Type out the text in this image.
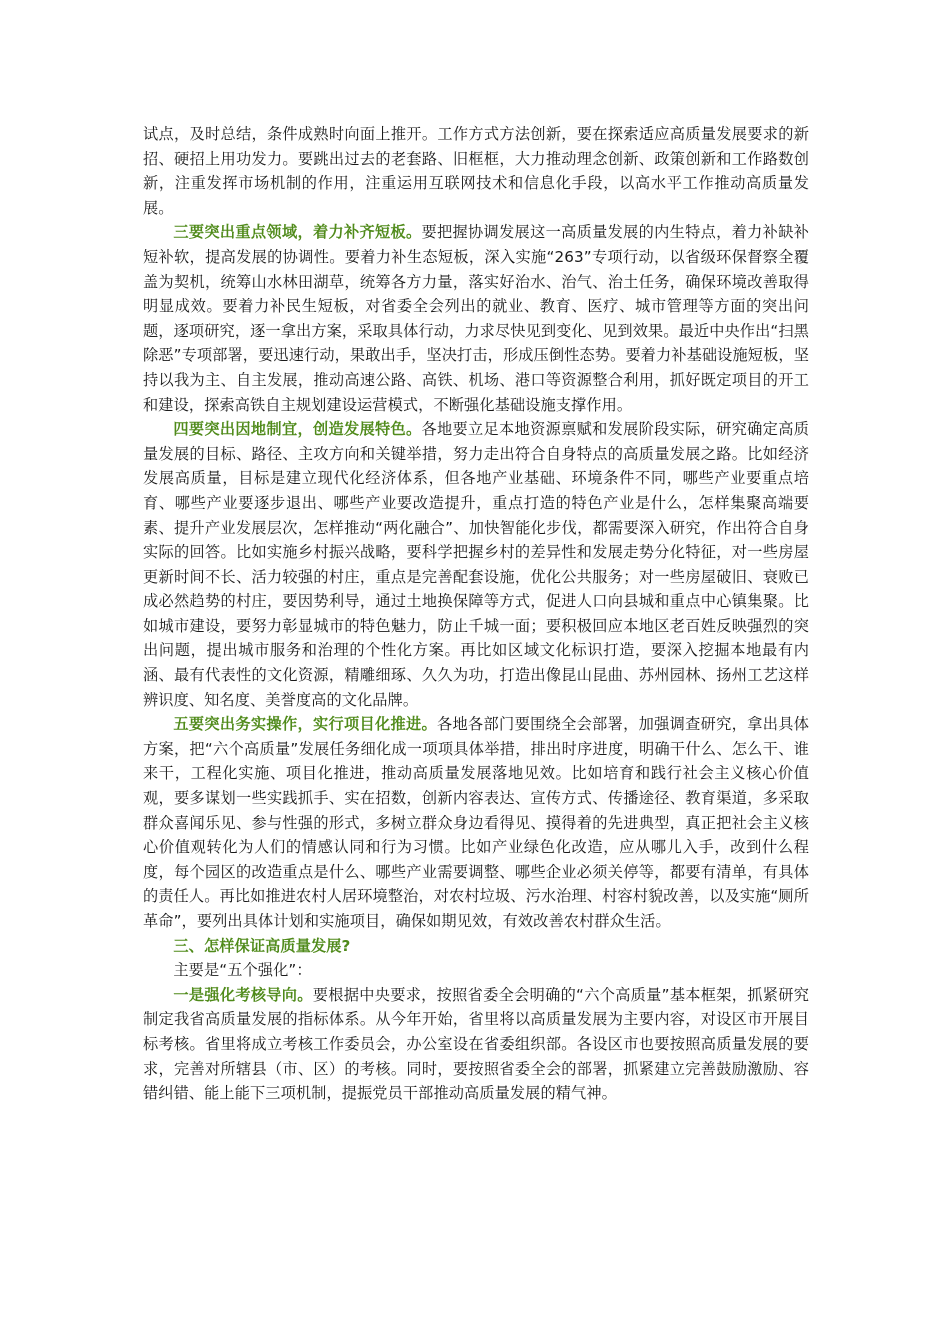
试点，及时总结，条件成熟时向面上推开。工作方式方法创新，要在探索适应高质量发展要求的新招、硬招上用功发力。要跳出过去的老套路、旧框框，大力推动理念创新、政策创新和工作路数创新，注重发挥市场机制的作用，注重运用互联网技术和信息化手段，以高水平工作推动高质量发展。

三要突出重点领域，着力补齐短板。要把握协调发展这一高质量发展的内生特点，着力补缺补短补软，提高发展的协调性。要着力补生态短板，深入实施“263”专项行动，以省级环保督察全覆盖为契机，统筹山水林田湖草，统筹各方力量，落实好治水、治气、治土任务，确保环境改善取得明显成效。要着力补民生短板，对省委全会列出的就业、教育、医疗、城市管理等方面的突出问题，逐项研究，逐一拿出方案，采取具体行动，力求尽快见到变化、见到效果。最近中央作出“扫黑除恶”专项部署，要迅速行动，果敢出手，坚决打击，形成压倒性态势。要着力补基础设施短板，坚持以我为主、自主发展，推动高速公路、高铁、机场、港口等资源整合利用，抓好既定项目的开工和建设，探索高铁自主规划建设运营模式，不断强化基础设施支撑作用。

四要突出因地制宜，创造发展特色。各地要立足本地资源禀赋和发展阶段实际，研究确定高质量发展的目标、路径、主攻方向和关键举措，努力走出符合自身特点的高质量发展之路。比如经济发展高质量，目标是建立现代化经济体系，但各地产业基础、环境条件不同，哪些产业要重点培育、哪些产业要逐步退出、哪些产业要改造提升，重点打造的特色产业是什么，怎样集聚高端要素、提升产业发展层次，怎样推动“两化融合”、加快智能化步伐，都需要深入研究，作出符合自身实际的回答。比如实施乡村振兴战略，要科学把握乡村的差异性和发展走势分化特征，对一些房屋更新时间不长、活力较强的村庄，重点是完善配套设施，优化公共服务；对一些房屋破旧、衰败已成必然趋势的村庄，要因势利导，通过土地换保障等方式，促进人口向县城和重点中心镇集聚。比如城市建设，要努力彰显城市的特色魅力，防止千城一面；要积极回应本地区老百姓反映强烈的突出问题，提出城市服务和治理的个性化方案。再比如区域文化标识打造，要深入挖掘本地最有内涵、最有代表性的文化资源，精雕细琢、久久为功，打造出像昆山昆曲、苏州园林、扬州工艺这样辨识度、知名度、美誉度高的文化品牌。

五要突出务实操作，实行项目化推进。各地各部门要围绕全会部署，加强调查研究，拿出具体方案，把“六个高质量”发展任务细化成一项项具体举措，排出时序进度，明确干什么、怎么干、谁来干，工程化实施、项目化推进，推动高质量发展落地见效。比如培育和践行社会主义核心价值观，要多谋划一些实践抓手、实在招数，创新内容表达、宣传方式、传播途径、教育渠道，多采取群众喜闻乐见、参与性强的形式，多树立群众身边看得见、摸得着的先进典型，真正把社会主义核心价值观转化为人们的情感认同和行为习惯。比如产业绿色化改造，应从哪儿入手，改到什么程度，每个园区的改造重点是什么、哪些产业需要调整、哪些企业必须关停等，都要有清单，有具体的责任人。再比如推进农村人居环境整治，对农村垃圾、污水治理、村容村貌改善，以及实施“厕所革命”，要列出具体计划和实施项目，确保如期见效，有效改善农村群众生活。

三、怎样保证高质量发展?

主要是“五个强化”：

一是强化考核导向。要根据中央要求，按照省委全会明确的“六个高质量”基本框架，抓紧研究制定我省高质量发展的指标体系。从今年开始，省里将以高质量发展为主要内容，对设区市开展目标考核。省里将成立考核工作委员会，办公室设在省委组织部。各设区市也要按照高质量发展的要求，完善对所辖县（市、区）的考核。同时，要按照省委全会的部署，抓紧建立完善鼓励激励、容错纠错、能上能下三项机制，提振党员干部推动高质量发展的精气神。
